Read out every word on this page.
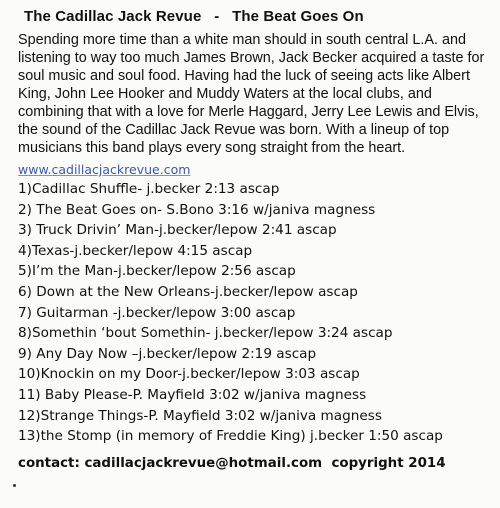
The Cadillac Jack Revue   -   The Beat Goes On
Spending more time than a white man should in south central L.A. and
listening to way too much James Brown, Jack Becker acquired a taste for
soul music and soul food. Having had the luck of seeing acts like Albert
King, John Lee Hooker and Muddy Waters at the local clubs, and
combining that with a love for Merle Haggard, Jerry Lee Lewis and Elvis,
the sound of the Cadillac Jack Revue was born. With a lineup of top
musicians this band plays every song straight from the heart.
www.cadillacjackrevue.com
1)Cadillac Shuffle- j.becker 2:13 ascap
2) The Beat Goes on- S.Bono 3:16 w/janiva magness
3) Truck Drivin’ Man-j.becker/lepow 2:41 ascap
4)Texas-j.becker/lepow 4:15 ascap
5)I’m the Man-j.becker/lepow 2:56 ascap
6) Down at the New Orleans-j.becker/lepow ascap
7) Guitarman -j.becker/lepow 3:00 ascap
8)Somethin ‘bout Somethin- j.becker/lepow 3:24 ascap
9) Any Day Now –j.becker/lepow 2:19 ascap
10)Knockin on my Door-j.becker/lepow 3:03 ascap
11) Baby Please-P. Mayfield 3:02 w/janiva magness
12)Strange Things-P. Mayfield 3:02 w/janiva magness
13)the Stomp (in memory of Freddie King) j.becker 1:50 ascap
contact: cadillacjackrevue@hotmail.com  copyright 2014
